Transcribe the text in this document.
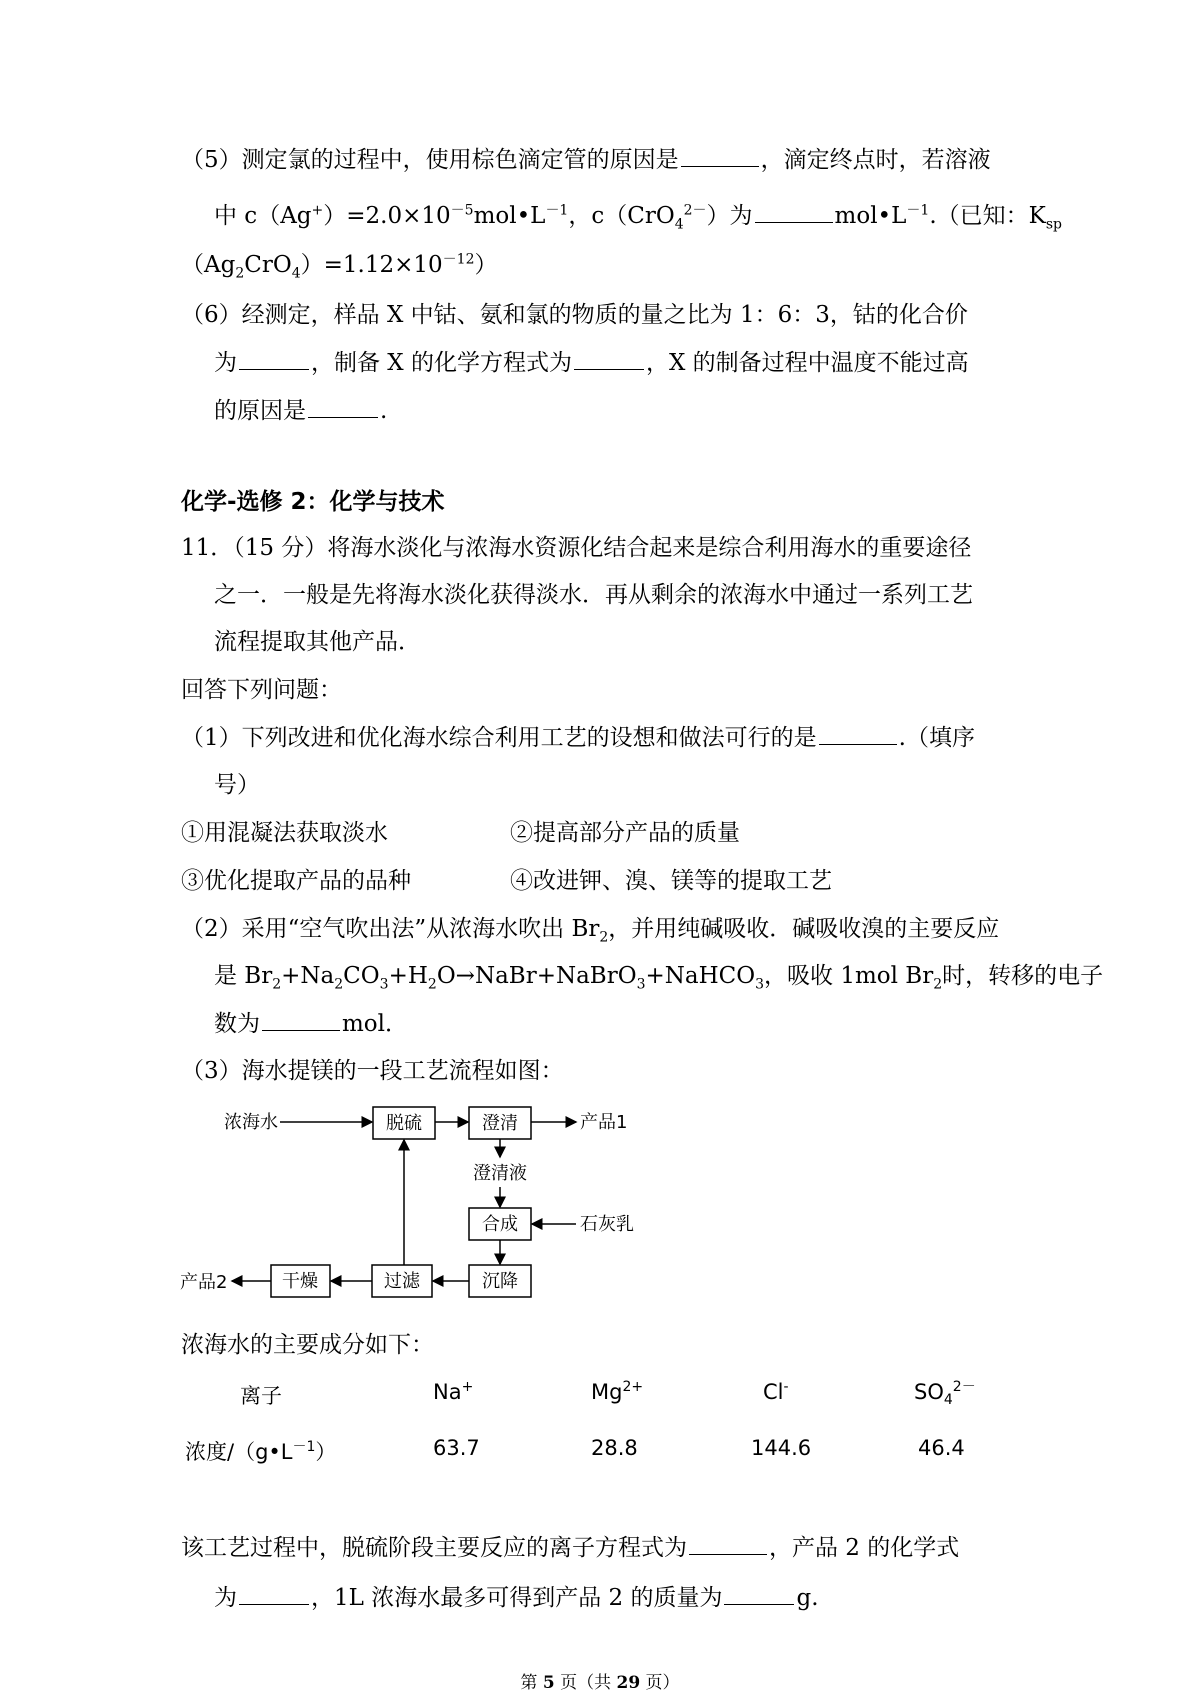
（5）测定氯的过程中，使用棕色滴定管的原因是	，滴定终点时，若溶液
中 $c(Ag^+)=2.0\times 10^{-5}mol•L^{-1}$，c（CrO$_4^{2-}$）为	$mol•L^{-1}$.（已知：$K_{sp}$
$(Ag_2CrO_4)=1.12\times 10^{-12}$）
（6）经测定，样品 X 中钴、氨和氯的物质的量之比为 1：6：3，钴的化合价
为	，制备 X 的化学方程式为	，X 的制备过程中温度不能过高
的原因是	.
化学-选修 2：化学与技术
11．（15 分）将海水淡化与浓海水资源化结合起来是综合利用海水的重要途径
之一．一般是先将海水淡化获得淡水．再从剩余的浓海水中通过一系列工艺
流程提取其他产品．
回答下列问题：
（1）下列改进和优化海水综合利用工艺的设想和做法可行的是	.（填序
号）
①用混凝法获取淡水	②提高部分产品的质量
③优化提取产品的品种	④改进钾、溴、镁等的提取工艺
（2）采用“空气吹出法”从浓海水吹出 $Br_2$，并用纯碱吸收．碱吸收溴的主要反应
是 $Br_2+Na_2CO_3+H_2O\to NaBr+NaBrO_3+NaHCO_3$，吸收 1mol $Br_2$时，转移的电子
数为	mol．
（3）海水提镁的一段工艺流程如图：
浓海水	脱硫	澄清	产品1
澄清液
合成	石灰乳
沉降
过滤
干燥
产品2
浓海水的主要成分如下：
离子	Na+	$Mg^{2+}$	Cl-	$SO_4^{2-}$
浓度$/(g•L^{-1})$	63.7	28.8	144.6	46.4
该工艺过程中，脱硫阶段主要反应的离子方程式为	，产品 2 的化学式
为	，1L 浓海水最多可得到产品 2 的质量为	g.
第 5 页（共 29 页）
